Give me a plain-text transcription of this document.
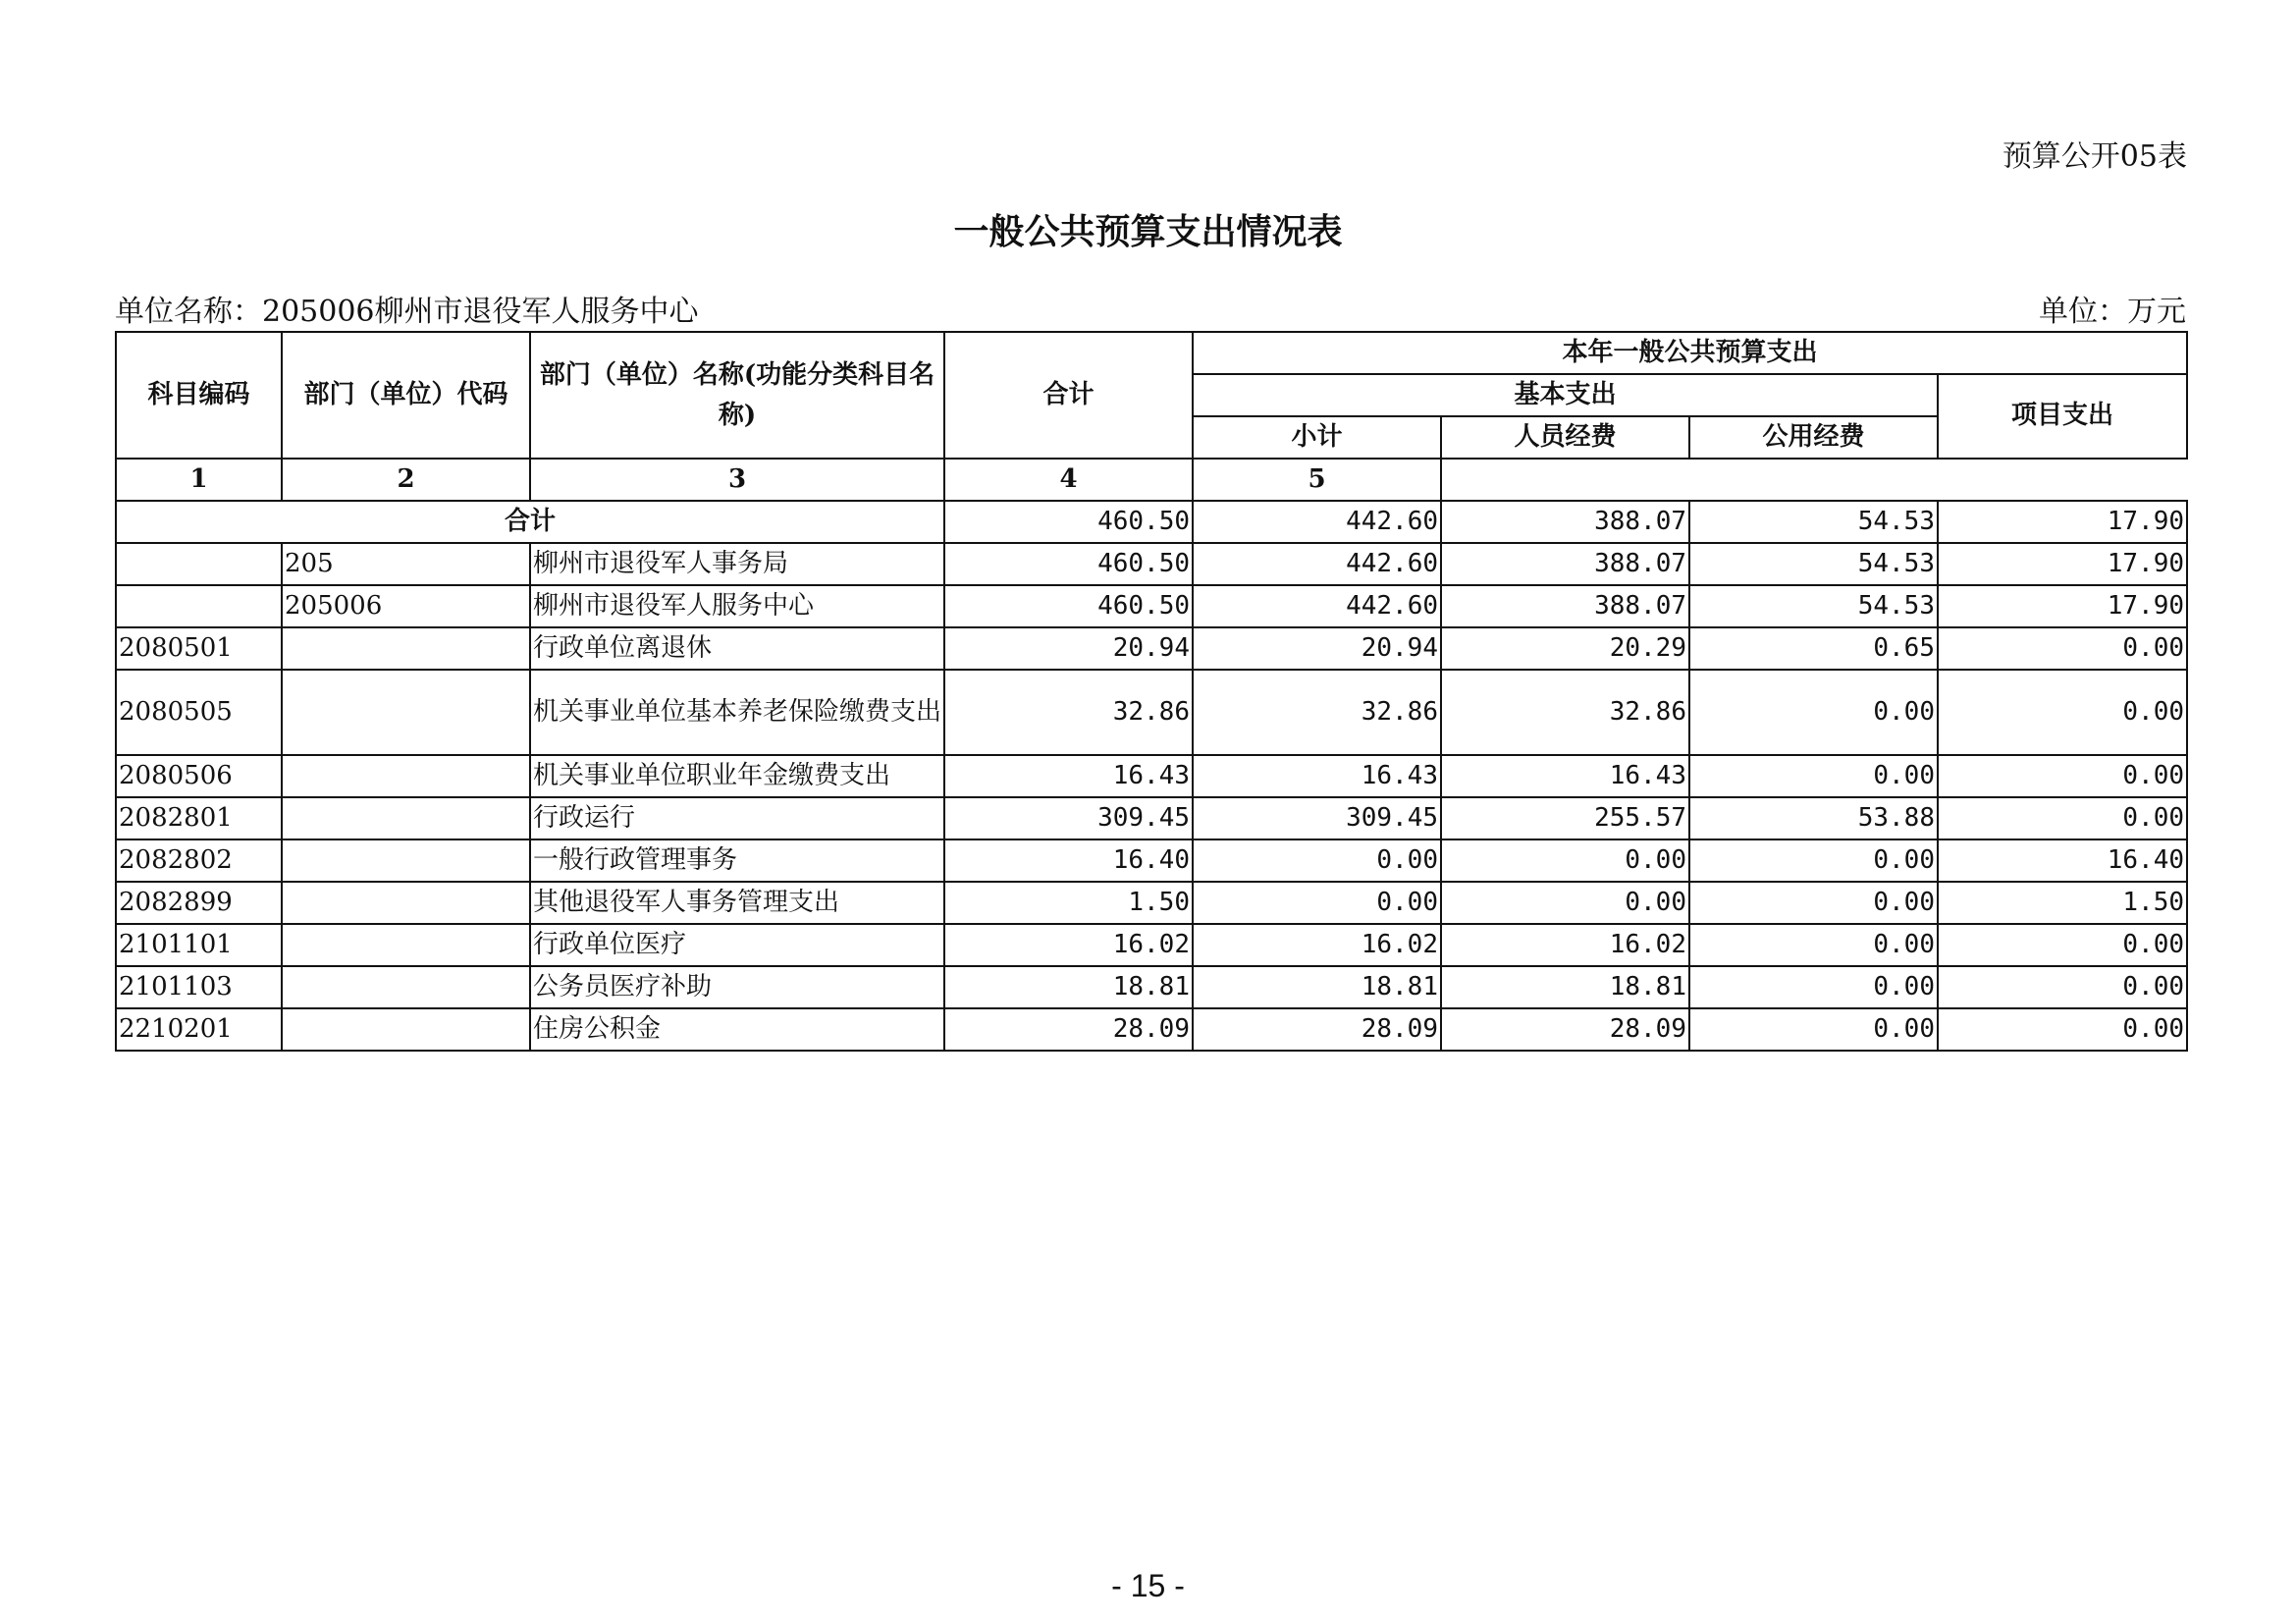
预算公开05表
一般公共预算支出情况表
单位名称：205006柳州市退役军人服务中心	单位：万元
科目编码	部门（单位）代码	部门（单位）名称(功能分类科目名称)	合计	本年一般公共预算支出			
				基本支出			项目支出
				小计	人员经费	公用经费	
1	2	3	4	5			
合计			460.50	442.60	388.07	54.53	17.90
	205	柳州市退役军人事务局	460.50	442.60	388.07	54.53	17.90
	205006	柳州市退役军人服务中心	460.50	442.60	388.07	54.53	17.90
2080501		行政单位离退休	20.94	20.94	20.29	0.65	0.00
2080505		机关事业单位基本养老保险缴费支出	32.86	32.86	32.86	0.00	0.00
2080506		机关事业单位职业年金缴费支出	16.43	16.43	16.43	0.00	0.00
2082801		行政运行	309.45	309.45	255.57	53.88	0.00
2082802		一般行政管理事务	16.40	0.00	0.00	0.00	16.40
2082899		其他退役军人事务管理支出	1.50	0.00	0.00	0.00	1.50
2101101		行政单位医疗	16.02	16.02	16.02	0.00	0.00
2101103		公务员医疗补助	18.81	18.81	18.81	0.00	0.00
2210201		住房公积金	28.09	28.09	28.09	0.00	0.00
- 15 -
